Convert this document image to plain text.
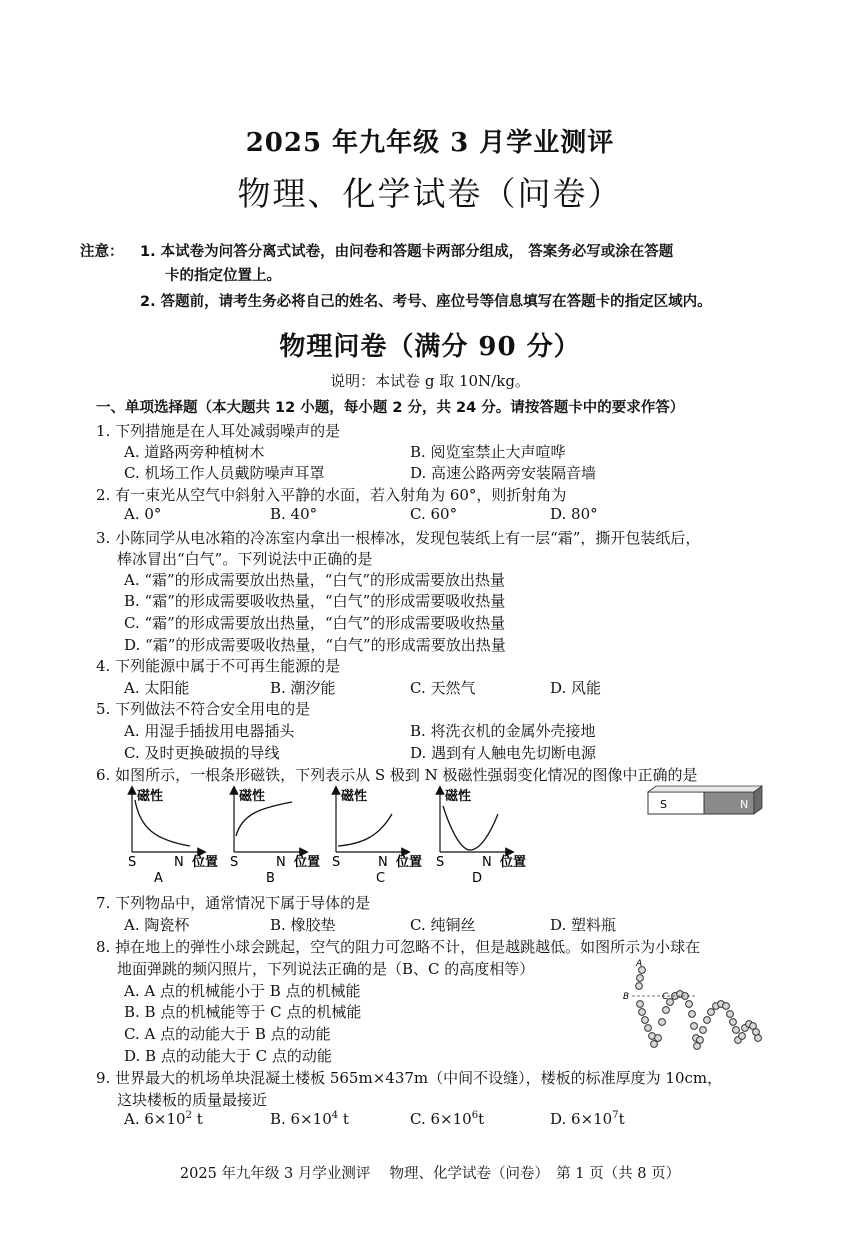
2025 年九年级 3 月学业测评
物理、化学试卷（问卷）
注意： 1. 本试卷为问答分离式试卷，由问卷和答题卡两部分组成， 答案务必写或涂在答题
卡的指定位置上。
2. 答题前，请考生务必将自己的姓名、考号、座位号等信息填写在答题卡的指定区域内。
物理问卷（满分 90 分）
说明：本试卷 g 取 10N/kg。
一、单项选择题（本大题共 12 小题，每小题 2 分，共 24 分。请按答题卡中的要求作答）
1. 下列措施是在人耳处减弱噪声的是
A. 道路两旁种植树木	B. 阅览室禁止大声喧哗
C. 机场工作人员戴防噪声耳罩	D. 高速公路两旁安装隔音墙
2. 有一束光从空气中斜射入平静的水面，若入射角为 60°，则折射角为
A. 0°	B. 40°	C. 60°	D. 80°
3. 小陈同学从电冰箱的冷冻室内拿出一根棒冰，发现包装纸上有一层“霜”，撕开包装纸后，
棒冰冒出“白气”。下列说法中正确的是
A. “霜”的形成需要放出热量，“白气”的形成需要放出热量
B. “霜”的形成需要吸收热量，“白气”的形成需要吸收热量
C. “霜”的形成需要放出热量，“白气”的形成需要吸收热量
D. “霜”的形成需要吸收热量，“白气”的形成需要放出热量
4. 下列能源中属于不可再生能源的是
A. 太阳能	B. 潮汐能	C. 天然气	D. 风能
5. 下列做法不符合安全用电的是
A. 用湿手插拔用电器插头	B. 将洗衣机的金属外壳接地
C. 及时更换破损的导线	D. 遇到有人触电先切断电源
6. 如图所示，一根条形磁铁，下列表示从 S 极到 N 极磁性强弱变化情况的图像中正确的是
磁性
S	N 位置
A
磁性
S	N 位置
B
磁性
S	N 位置
C
磁性
S	N 位置
D
S	N
7. 下列物品中，通常情况下属于导体的是
A. 陶瓷杯	B. 橡胶垫	C. 纯铜丝	D. 塑料瓶
8. 掉在地上的弹性小球会跳起，空气的阻力可忽略不计，但是越跳越低。如图所示为小球在
地面弹跳的频闪照片，下列说法正确的是（B、C 的高度相等）
A. A 点的机械能小于 B 点的机械能
B. B 点的机械能等于 C 点的机械能
C. A 点的动能大于 B 点的动能
D. B 点的动能大于 C 点的动能
A
B	C
9. 世界最大的机场单块混凝土楼板 565m×437m（中间不设缝），楼板的标准厚度为 10cm，
这块楼板的质量最接近
A. $6\times 10^2$ t	B. $6\times 10^4$ t	C. $6\times 10^6t$	D. $6\times 10^7t$
2025 年九年级 3 月学业测评　 物理、化学试卷（问卷）　第 1 页（共 8 页）
